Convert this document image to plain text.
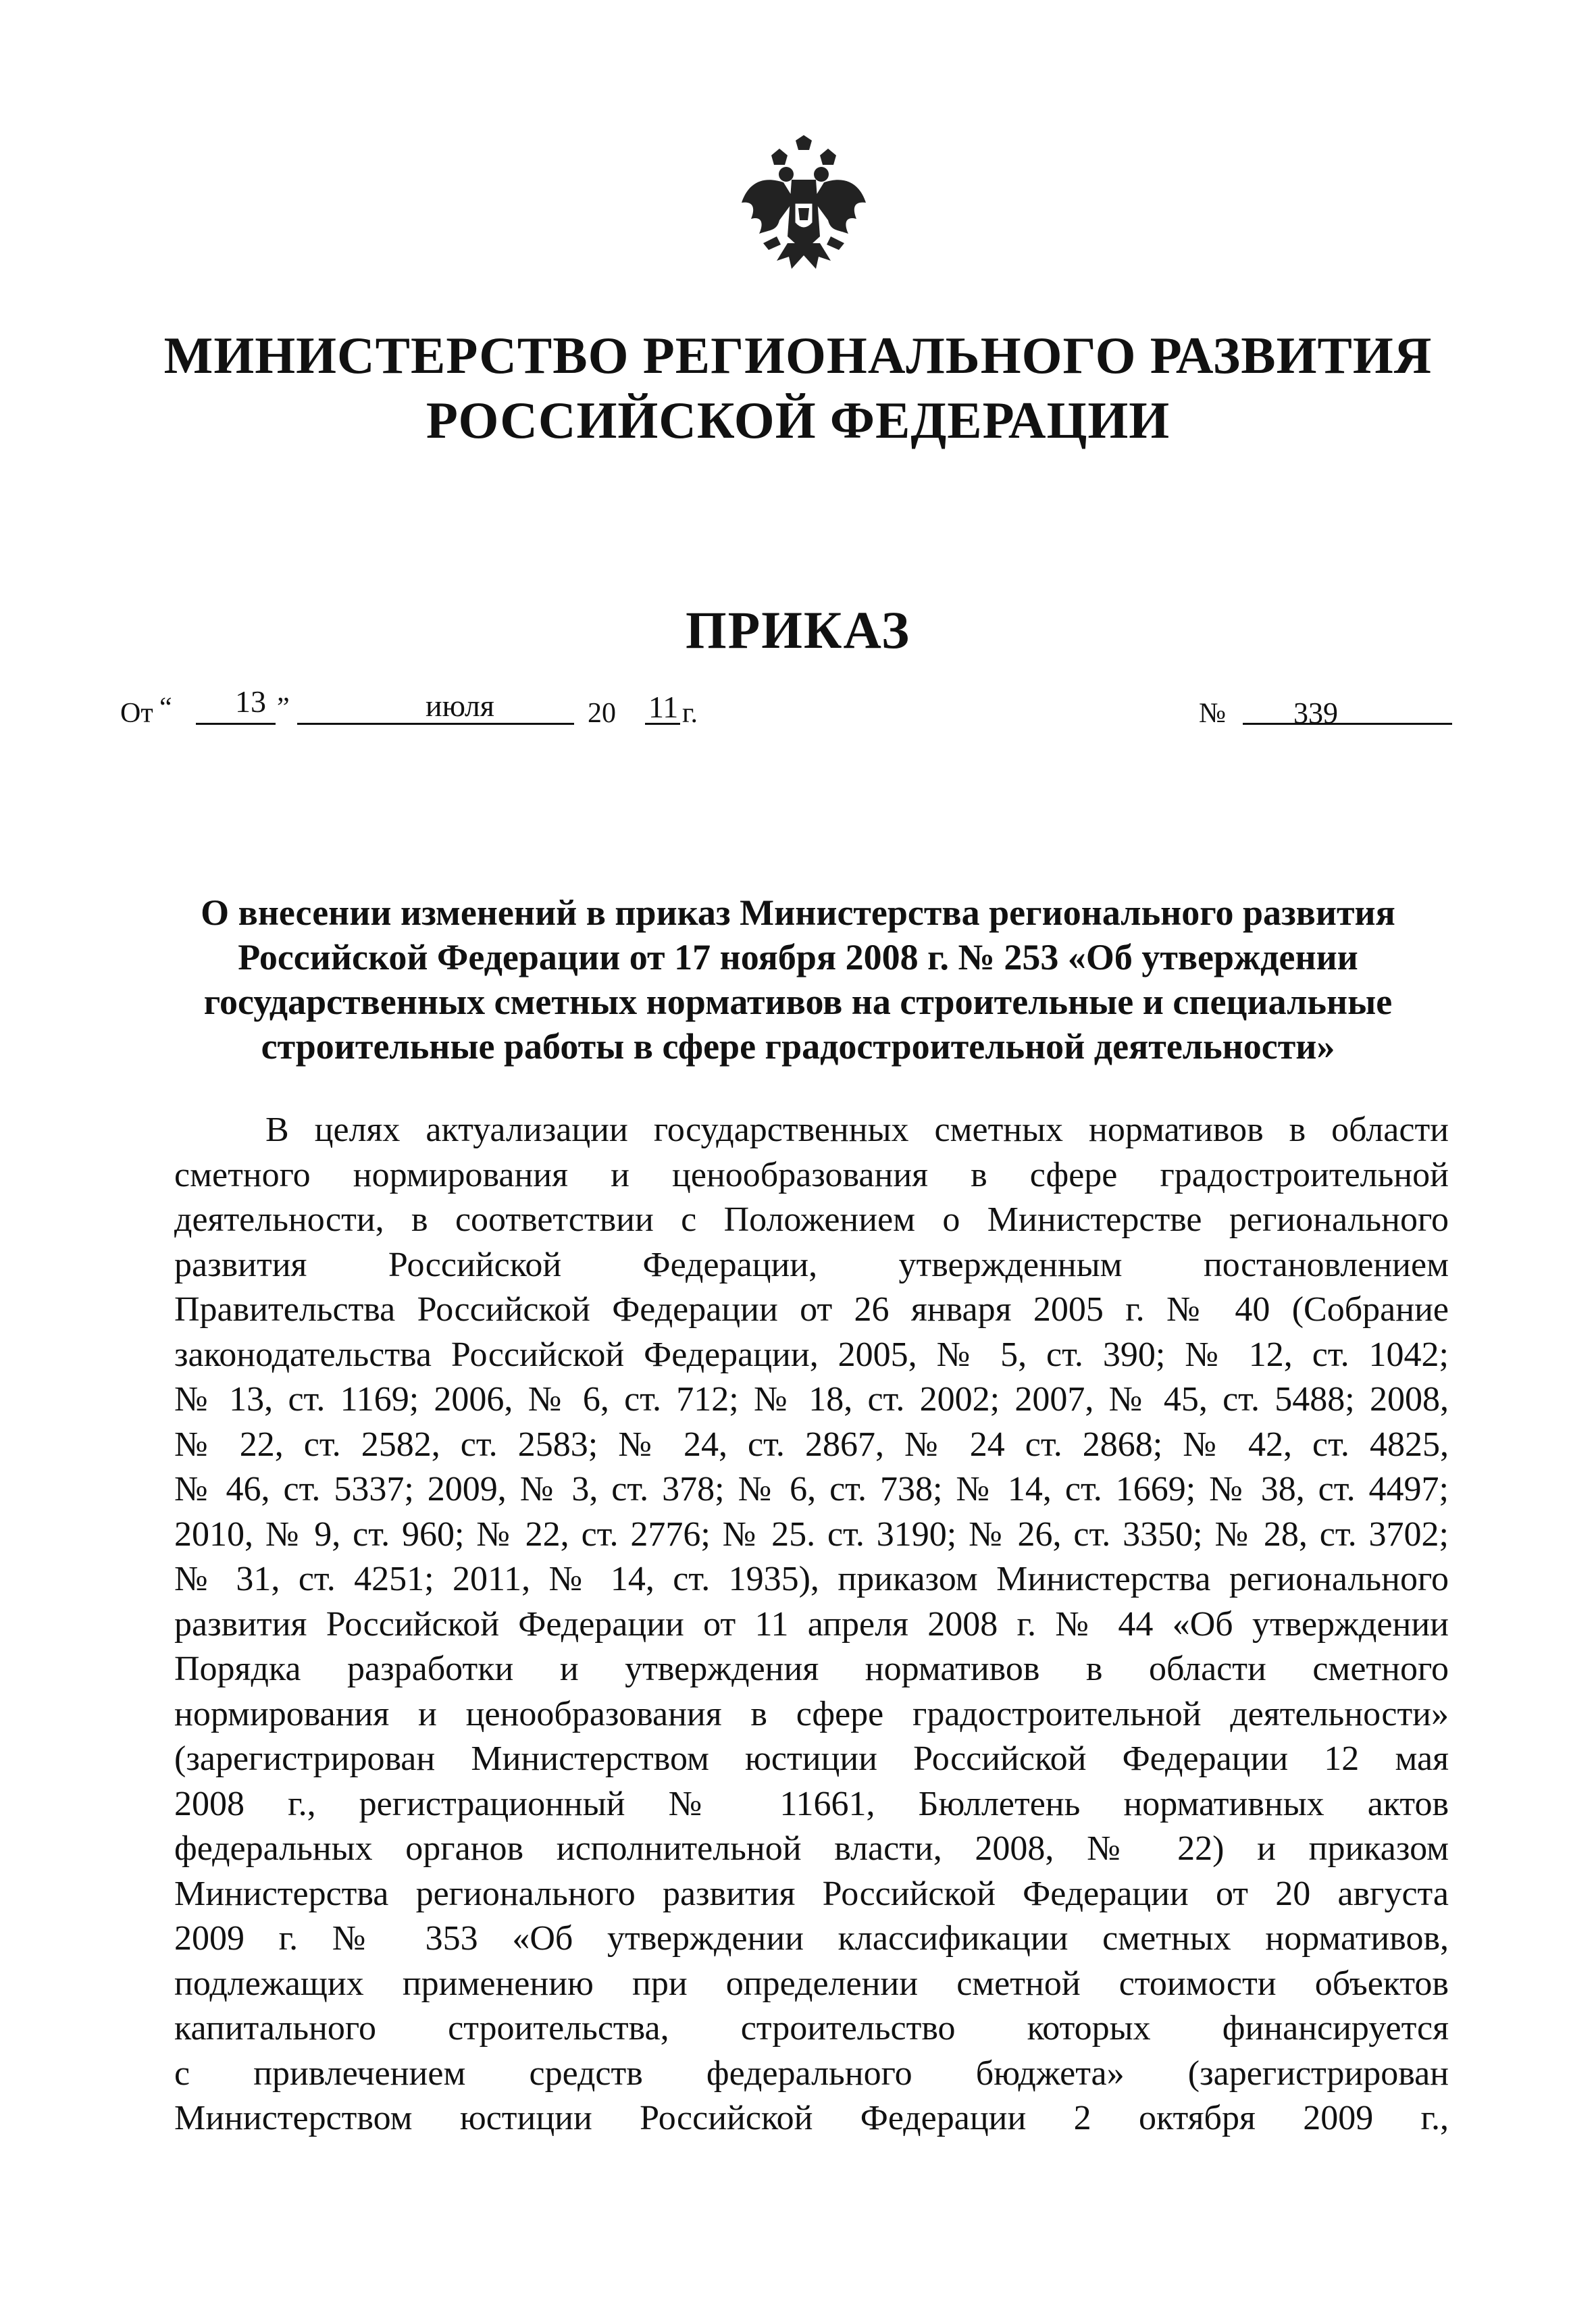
МИНИСТЕРСТВО РЕГИОНАЛЬНОГО РАЗВИТИЯ
РОССИЙСКОЙ ФЕДЕРАЦИИ
ПРИКАЗ
От “ 13 ”	июля	20 11 г.	№ 339
О внесении изменений в приказ Министерства регионального развития
Российской Федерации от 17 ноября 2008 г. № 253 «Об утверждении
государственных сметных нормативов на строительные и специальные
строительные работы в сфере градостроительной деятельности»
В целях актуализации государственных сметных нормативов в области
сметного нормирования и ценообразования в сфере градостроительной
деятельности, в соответствии с Положением о Министерстве регионального
развития Российской Федерации, утвержденным постановлением
Правительства Российской Федерации от 26 января 2005 г. № 40 (Собрание
законодательства Российской Федерации, 2005, № 5, ст. 390; № 12, ст. 1042;
№ 13, ст. 1169; 2006, № 6, ст. 712; № 18, ст. 2002; 2007, № 45, ст. 5488; 2008,
№ 22, ст. 2582, ст. 2583; № 24, ст. 2867, № 24 ст. 2868; № 42, ст. 4825,
№ 46, ст. 5337; 2009, № 3, ст. 378; № 6, ст. 738; № 14, ст. 1669; № 38, ст. 4497;
2010, № 9, ст. 960; № 22, ст. 2776; № 25. ст. 3190; № 26, ст. 3350; № 28, ст. 3702;
№ 31, ст. 4251; 2011, № 14, ст. 1935), приказом Министерства регионального
развития Российской Федерации от 11 апреля 2008 г. № 44 «Об утверждении
Порядка разработки и утверждения нормативов в области сметного
нормирования и ценообразования в сфере градостроительной деятельности»
(зарегистрирован Министерством юстиции Российской Федерации 12 мая
2008 г., регистрационный № 11661, Бюллетень нормативных актов
федеральных органов исполнительной власти, 2008, № 22) и приказом
Министерства регионального развития Российской Федерации от 20 августа
2009 г. № 353 «Об утверждении классификации сметных нормативов,
подлежащих применению при определении сметной стоимости объектов
капитального строительства, строительство которых финансируется
с привлечением средств федерального бюджета» (зарегистрирован
Министерством юстиции Российской Федерации 2 октября 2009 г.,
